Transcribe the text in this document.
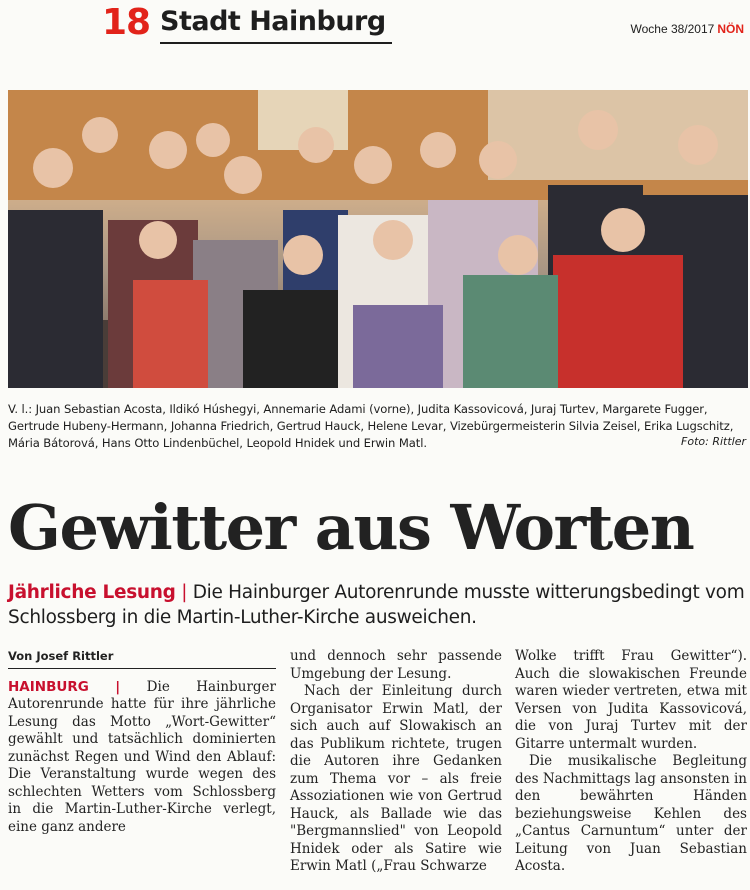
18 Stadt Hainburg	Woche 38/2017 NÖN
V. l.: Juan Sebastian Acosta, Ildikó Húshegyi, Annemarie Adami (vorne), Judita Kassovicová, Juraj Turtev, Margarete Fugger, Gertrude Hubeny-Hermann, Johanna Friedrich, Gertrud Hauck, Helene Levar, Vizebürgermeisterin Silvia Zeisel, Erika Lugschitz, Mária Bátorová, Hans Otto Lindenbüchel, Leopold Hnidek und Erwin Matl.	Foto: Rittler
Gewitter aus Worten
Jährliche Lesung | Die Hainburger Autorenrunde musste witterungsbedingt vom Schlossberg in die Martin-Luther-Kirche ausweichen.
Von Josef Rittler

HAINBURG | Die Hainburger Autorenrunde hatte für ihre jährliche Lesung das Motto „Wort-Gewitter“ gewählt und tatsächlich dominierten zunächst Regen und Wind den Ablauf: Die Veranstaltung wurde wegen des schlechten Wetters vom Schlossberg in die Martin-Luther-Kirche verlegt, eine ganz andere

und dennoch sehr passende Umgebung der Lesung.

Nach der Einleitung durch Organisator Erwin Matl, der sich auch auf Slowakisch an das Publikum richtete, trugen die Autoren ihre Gedanken zum Thema vor – als freie Assoziationen wie von Gertrud Hauck, als Ballade wie das "Bergmannslied" von Leopold Hnidek oder als Satire wie Erwin Matl („Frau Schwarze

Wolke trifft Frau Gewitter“). Auch die slowakischen Freunde waren wieder vertreten, etwa mit Versen von Judita Kassovicová, die von Juraj Turtev mit der Gitarre untermalt wurden.

Die musikalische Begleitung des Nachmittags lag ansonsten in den bewährten Händen beziehungsweise Kehlen des „Cantus Carnuntum“ unter der Leitung von Juan Sebastian Acosta.
